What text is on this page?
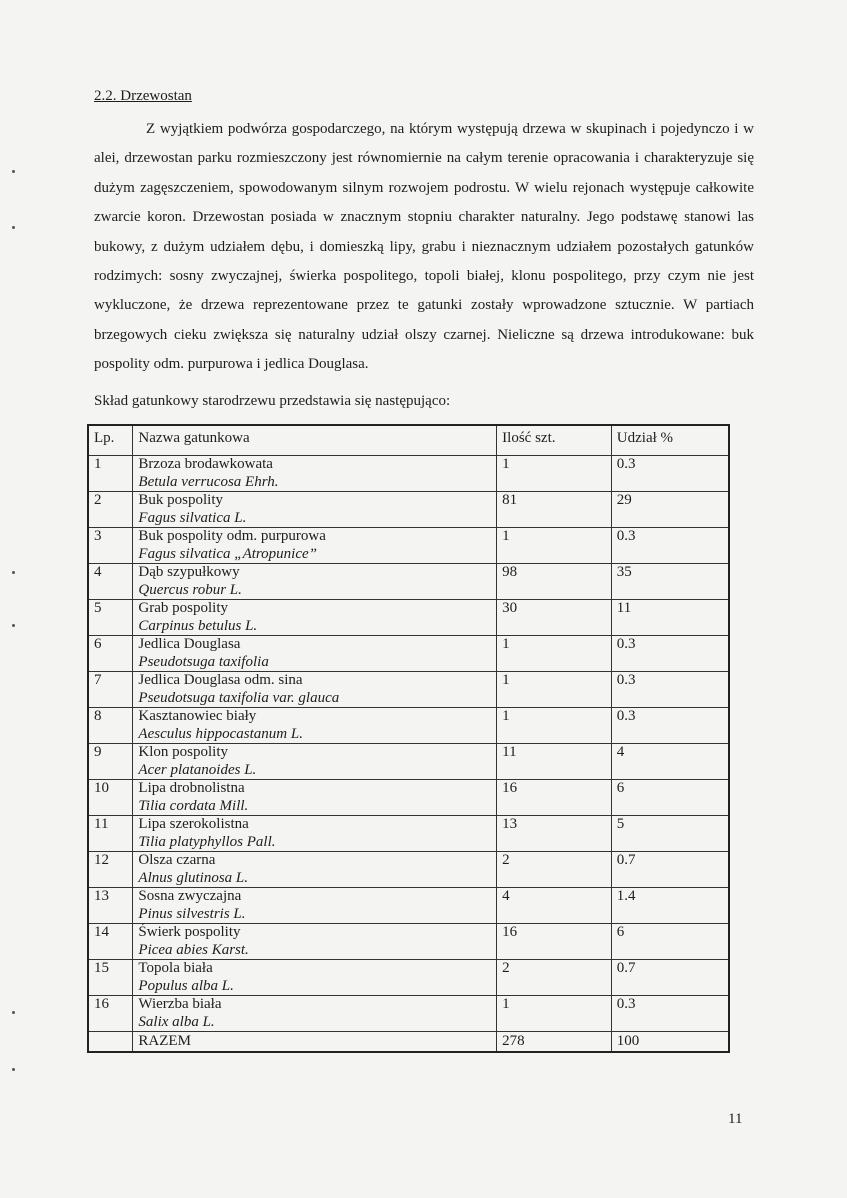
2.2. Drzewostan

Z wyjątkiem podwórza gospodarczego, na którym występują drzewa w skupinach i pojedynczo i w alei, drzewostan parku rozmieszczony jest równomiernie na całym terenie opracowania i charakteryzuje się dużym zagęszczeniem, spowodowanym silnym rozwojem podrostu. W wielu rejonach występuje całkowite zwarcie koron. Drzewostan posiada w znacznym stopniu charakter naturalny. Jego podstawę stanowi las bukowy, z dużym udziałem dębu, i domieszką lipy, grabu i nieznacznym udziałem pozostałych gatunków rodzimych: sosny zwyczajnej, świerka pospolitego, topoli białej, klonu pospolitego, przy czym nie jest wykluczone, że drzewa reprezentowane przez te gatunki zostały wprowadzone sztucznie. W partiach brzegowych cieku zwiększa się naturalny udział olszy czarnej. Nieliczne są drzewa introdukowane: buk pospolity odm. purpurowa i jedlica Douglasa.

Skład gatunkowy starodrzewu przedstawia się następująco:
Lp.	Nazwa gatunkowa	Ilość szt.	Udział %
1	Brzoza brodawkowata
Betula verrucosa Ehrh.	1	0.3
2	Buk pospolity
Fagus silvatica L.	81	29
3	Buk pospolity odm. purpurowa
Fagus silvatica „Atropunice”	1	0.3
4	Dąb szypułkowy
Quercus robur L.	98	35
5	Grab pospolity
Carpinus betulus L.	30	11
6	Jedlica Douglasa
Pseudotsuga taxifolia	1	0.3
7	Jedlica Douglasa odm. sina
Pseudotsuga taxifolia var. glauca	1	0.3
8	Kasztanowiec biały
Aesculus hippocastanum L.	1	0.3
9	Klon pospolity
Acer platanoides L.	11	4
10	Lipa drobnolistna
Tilia cordata Mill.	16	6
11	Lipa szerokolistna
Tilia platyphyllos Pall.	13	5
12	Olsza czarna
Alnus glutinosa L.	2	0.7
13	Sosna zwyczajna
Pinus silvestris L.	4	1.4
14	Świerk pospolity
Picea abies Karst.	16	6
15	Topola biała
Populus alba L.	2	0.7
16	Wierzba biała
Salix alba L.	1	0.3
	RAZEM	278	100
11
